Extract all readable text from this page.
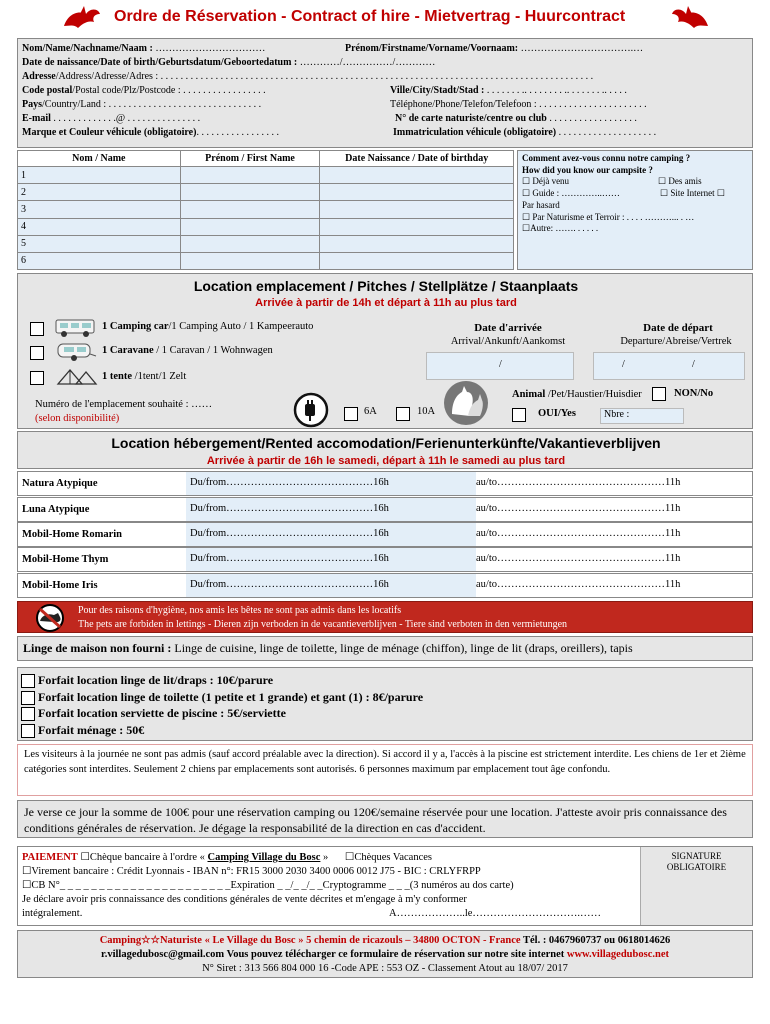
Ordre de Réservation - Contract of hire - Mietvertrag - Huurcontract
Nom/Name/Nachname/Naam : ……………………………	Prénom/Firstname/Vorname/Voornaam: …………………………….…
Date de naissance/Date of birth/Geburtsdatum/Geboortedatum : …………/……………/…………
Adresse/Address/Adresse/Adres : . . . . . . . . . . . . . . . . . . . . . . . . . . . . . . . . . . . . . . . . . . . . . . . . . . . . . . . . . . . . . . . . . . . . . . . . . . . . . . . . . . . . . . .
Code postal/Postal code/Plz/Postcode : . . . . . . . . . . . . . . . . .	Ville/City/Stadt/Stad : . . . . . . . .. . . . . . . . .. . . . . . . .. . . . .
Pays/Country/Land : . . . . . . . . . . . . . . . . . . . . . . . . . . . . . . .	Téléphone/Phone/Telefon/Telefoon : . . . . . . . . . . . . . . . . . . . . . .
E-mail . . . . . . . . . . . . .@ . . . . . . . . . . . . . . .	N° de carte naturiste/centre ou club . . . . . . . . . . . . . . . . . .
Marque et Couleur véhicule (obligatoire). . . . . . . . . . . . . . . . .	Immatriculation véhicule (obligatoire) . . . . . . . . . . . . . . . . . . . .
Nom / Name	Prénom / First Name	Date Naissance / Date of birthday
1		
2		
3		
4		
5		
6		
Comment avez-vous connu notre camping ?
How did you know our campsite ?
☐ Déjà venu	☐ Des amis
☐ Guide : …………..……	☐ Site Internet ☐
Par hasard
☐ Par Naturisme et Terroir : . . . . ………... . …
☐Autre: ……. . . . . .
Location emplacement / Pitches / Stellplätze / Staanplaats
Arrivée à partir de 14h et départ à 11h au plus tard
1 Camping car/1 Camping Auto / 1 Kampeerauto
1 Caravane / 1 Caravan / 1 Wohnwagen
1 tente /1tent/1 Zelt
Date d'arrivée
Arrival/Ankunft/Aankomst
Date de départ
Departure/Abreise/Vertrek
/	/	/
Numéro de l'emplacement souhaité : ……
(selon disponibilité)
6A	10A
Animal /Pet/Haustier/Huisdier	NON/No
OUI/Yes	Nbre :
Location hébergement/Rented accomodation/Ferienunterkünfte/Vakantieverblijven
Arrivée à partir de 16h le samedi, départ à 11h le samedi au plus tard
Natura Atypique	Du/from……………………………………16h	au/to…………………………………………11h
Luna Atypique	Du/from……………………………………16h	au/to…………………………………………11h
Mobil-Home Romarin	Du/from……………………………………16h	au/to…………………………………………11h
Mobil-Home Thym	Du/from……………………………………16h	au/to…………………………………………11h
Mobil-Home Iris	Du/from……………………………………16h	au/to…………………………………………11h
Pour des raisons d'hygiène, nos amis les bêtes ne sont pas admis dans les locatifs
The pets are forbiden in lettings - Dieren zijn verboden in de vacantieverblijven - Tiere sind verboten in den vermietungen
Linge de maison non fourni : Linge de cuisine, linge de toilette, linge de ménage (chiffon), linge de lit (draps, oreillers), tapis
Forfait location linge de lit/draps : 10€/parure
Forfait location linge de toilette (1 petite et 1 grande) et gant (1) : 8€/parure
Forfait location serviette de piscine : 5€/serviette
Forfait ménage : 50€
Les visiteurs à la journée ne sont pas admis (sauf accord préalable avec la direction). Si accord il y a, l'accès à la piscine est strictement interdite. Les chiens de 1er et 2ième catégories sont interdites. Seulement 2 chiens par emplacements sont autorisés. 6 personnes maximum par emplacement tout âge confondu.
Je verse ce jour la somme de 100€ pour une réservation camping ou 120€/semaine réservée pour une location. J'atteste avoir pris connaissance des conditions générales de réservation. Je dégage la responsabilité de la direction en cas d'accident.
PAIEMENT ☐Chèque bancaire à l'ordre « Camping Village du Bosc » ☐Chèques Vacances
☐Virement bancaire : Crédit Lyonnais - IBAN n°: FR15 3000 2030 3400 0006 0012 J75 - BIC : CRLYFRPP
☐CB N°_ _ _ _ _ _ _ _ _ _ _ _ _ _ _ _ _ _ _ _ _ _Expiration _ _/_ _/_ _Cryptogramme _ _ _(3 numéros au dos carte)
Je déclare avoir pris connaissance des conditions générales de vente décrites et m'engage à m'y conformer
intégralement.	A………………..le………………………….……
SIGNATURE OBLIGATOIRE
Camping☆☆Naturiste « Le Village du Bosc » 5 chemin de ricazouls – 34800 OCTON - France Tél. : 0467960737 ou 0618014626
r.villagedubosc@gmail.com Vous pouvez télécharger ce formulaire de réservation sur notre site internet www.villagedubosc.net
N° Siret : 313 566 804 000 16 -Code APE : 553 OZ - Classement Atout au 18/07/ 2017
